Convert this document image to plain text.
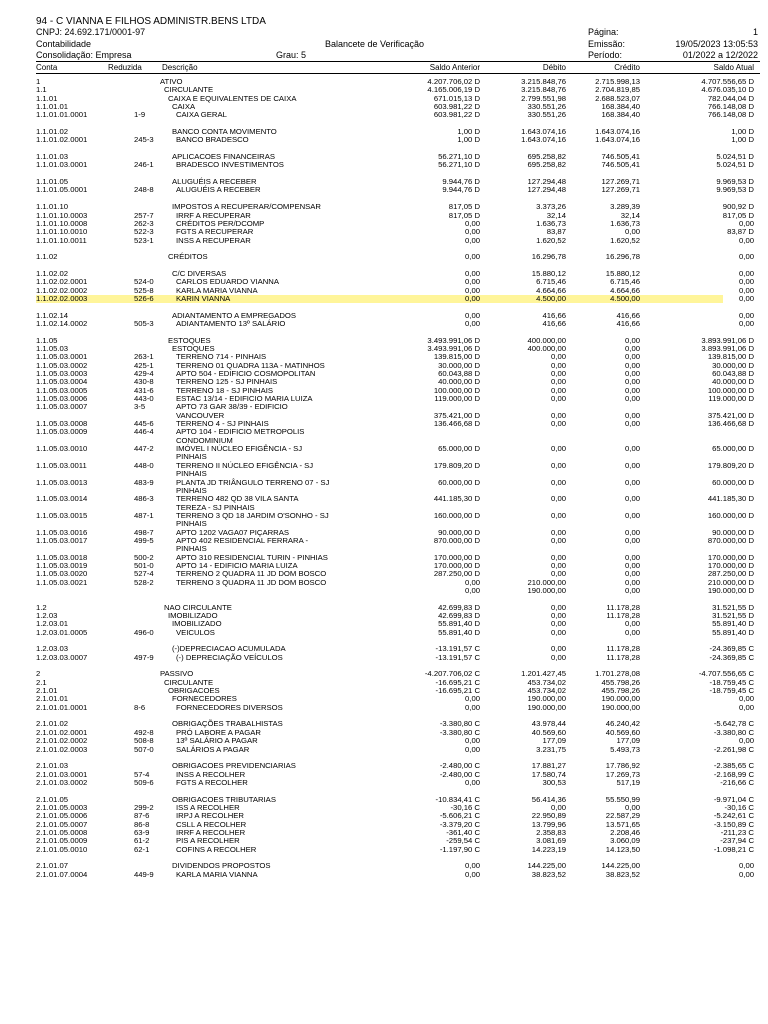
94 - C VIANNA E FILHOS ADMINISTR.BENS LTDA
CNPJ: 24.692.171/0001-97
Contabilidade
Consolidação: Empresa
Balancete de Verificação
Grau: 5
Página:	1
Emissão:	19/05/2023 13:05:53
Período:	01/2022 a 12/2022
Conta	Reduzida	Descrição	Saldo Anterior	Débito	Crédito	Saldo Atual
1	ATIVO	4.207.706,02 D	3.215.848,76	2.715.998,13	4.707.556,65 D
1.1	CIRCULANTE	4.165.006,19 D	3.215.848,76	2.704.819,85	4.676.035,10 D
1.1.01	CAIXA E EQUIVALENTES DE CAIXA	671.015,13 D	2.799.551,98	2.688.523,07	782.044,04 D
1.1.01.01	CAIXA	603.981,22 D	330.551,26	168.384,40	766.148,08 D
1.1.01.01.0001	1-9	CAIXA GERAL	603.981,22 D	330.551,26	168.384,40	766.148,08 D
1.1.01.02	BANCO CONTA MOVIMENTO	1,00 D	1.643.074,16	1.643.074,16	1,00 D
1.1.01.02.0001	245-3	BANCO BRADESCO	1,00 D	1.643.074,16	1.643.074,16	1,00 D
1.1.01.03	APLICACOES FINANCEIRAS	56.271,10 D	695.258,82	746.505,41	5.024,51 D
1.1.01.03.0001	246-1	BRADESCO INVESTIMENTOS	56.271,10 D	695.258,82	746.505,41	5.024,51 D
1.1.01.05	ALUGUÉIS A RECEBER	9.944,76 D	127.294,48	127.269,71	9.969,53 D
1.1.01.05.0001	248-8	ALUGUÉIS A RECEBER	9.944,76 D	127.294,48	127.269,71	9.969,53 D
1.1.01.10	IMPOSTOS A RECUPERAR/COMPENSAR	817,05 D	3.373,26	3.289,39	900,92 D
1.1.01.10.0003	257-7	IRRF A RECUPERAR	817,05 D	32,14	32,14	817,05 D
1.1.01.10.0008	262-3	CRÉDITOS PER/DCOMP	0,00	1.636,73	1.636,73	0,00
1.1.01.10.0010	522-3	FGTS A RECUPERAR	0,00	83,87	0,00	83,87 D
1.1.01.10.0011	523-1	INSS A RECUPERAR	0,00	1.620,52	1.620,52	0,00
1.1.02	CRÉDITOS	0,00	16.296,78	16.296,78	0,00
1.1.02.02	C/C DIVERSAS	0,00	15.880,12	15.880,12	0,00
1.1.02.02.0001	524-0	CARLOS EDUARDO VIANNA	0,00	6.715,46	6.715,46	0,00
1.1.02.02.0002	525-8	KARLA MARIA VIANNA	0,00	4.664,66	4.664,66	0,00
1.1.02.02.0003	526-6	KARIN VIANNA	0,00	4.500,00	4.500,00	0,00
1.1.02.14	ADIANTAMENTO A EMPREGADOS	0,00	416,66	416,66	0,00
1.1.02.14.0002	505-3	ADIANTAMENTO 13º SALÁRIO	0,00	416,66	416,66	0,00
1.1.05	ESTOQUES	3.493.991,06 D	400.000,00	0,00	3.893.991,06 D
1.1.05.03	ESTOQUES	3.493.991,06 D	400.000,00	0,00	3.893.991,06 D
1.1.05.03.0001	263-1	TERRENO 714 - PINHAIS	139.815,00 D	0,00	0,00	139.815,00 D
1.1.05.03.0002	425-1	TERRENO 01 QUADRA 113A - MATINHOS	30.000,00 D	0,00	0,00	30.000,00 D
1.1.05.03.0003	429-4	APTO 504 - EDIFICIO COSMOPOLITAN	60.043,88 D	0,00	0,00	60.043,88 D
1.1.05.03.0004	430-8	TERRENO 125 - SJ PINHAIS	40.000,00 D	0,00	0,00	40.000,00 D
1.1.05.03.0005	431-6	TERRENO 18 - SJ PINHAIS	100.000,00 D	0,00	0,00	100.000,00 D
1.1.05.03.0006	443-0	ESTAC 13/14 - EDIFICIO MARIA LUIZA	119.000,00 D	0,00	0,00	119.000,00 D
1.1.05.03.0007	3-5	APTO 73 GAR 38/39 - EDIFICIO
VANCOUVER	375.421,00 D	0,00	0,00	375.421,00 D
1.1.05.03.0008	445-6	TERRENO 4 - SJ PINHAIS	136.466,68 D	0,00	0,00	136.466,68 D
1.1.05.03.0009	446-4	APTO 104 - EDIFICIO METROPOLIS
CONDOMINIUM
1.1.05.03.0010	447-2	IMÓVEL I NÚCLEO EFIGÊNCIA - SJ	65.000,00 D	0,00	0,00	65.000,00 D
PINHAIS
1.1.05.03.0011	448-0	TERRENO II NÚCLEO EFIGÊNCIA - SJ	179.809,20 D	0,00	0,00	179.809,20 D
PINHAIS
1.1.05.03.0013	483-9	PLANTA JD TRIÂNGULO TERRENO 07 - SJ	60.000,00 D	0,00	0,00	60.000,00 D
PINHAIS
1.1.05.03.0014	486-3	TERRENO 482 QD 38 VILA SANTA	441.185,30 D	0,00	0,00	441.185,30 D
TEREZA - SJ PINHAIS
1.1.05.03.0015	487-1	TERRENO 3 QD 18 JARDIM O'SONHO - SJ	160.000,00 D	0,00	0,00	160.000,00 D
PINHAIS
1.1.05.03.0016	498-7	APTO 1202 VAGA07 PIÇARRAS	90.000,00 D	0,00	0,00	90.000,00 D
1.1.05.03.0017	499-5	APTO 402 RESIDENCIAL FERRARA -	870.000,00 D	0,00	0,00	870.000,00 D
PINHAIS
1.1.05.03.0018	500-2	APTO 310 RESIDENCIAL TURIN - PINHIAS	170.000,00 D	0,00	0,00	170.000,00 D
1.1.05.03.0019	501-0	APTO 14 - EDIFICIO MARIA LUIZA	170.000,00 D	0,00	0,00	170.000,00 D
1.1.05.03.0020	527-4	TERRENO 2 QUADRA 11 JD DOM BOSCO	287.250,00 D	0,00	0,00	287.250,00 D
1.1.05.03.0021	528-2	TERRENO 3 QUADRA 11 JD DOM BOSCO	0,00	210.000,00	0,00	210.000,00 D
0,00	190.000,00	0,00	190.000,00 D
1.2	NAO CIRCULANTE	42.699,83 D	0,00	11.178,28	31.521,55 D
1.2.03	IMOBILIZADO	42.699,83 D	0,00	11.178,28	31.521,55 D
1.2.03.01	IMOBILIZADO	55.891,40 D	0,00	0,00	55.891,40 D
1.2.03.01.0005	496-0	VEICULOS	55.891,40 D	0,00	0,00	55.891,40 D
1.2.03.03	(-)DEPRECIACAO ACUMULADA	-13.191,57 C	0,00	11.178,28	-24.369,85 C
1.2.03.03.0007	497-9	(-) DEPRECIAÇÃO VEÍCULOS	-13.191,57 C	0,00	11.178,28	-24.369,85 C
2	PASSIVO	-4.207.706,02 C	1.201.427,45	1.701.278,08	-4.707.556,65 C
2.1	CIRCULANTE	-16.695,21 C	453.734,02	455.798,26	-18.759,45 C
2.1.01	OBRIGACOES	-16.695,21 C	453.734,02	455.798,26	-18.759,45 C
2.1.01.01	FORNECEDORES	0,00	190.000,00	190.000,00	0,00
2.1.01.01.0001	8-6	FORNECEDORES DIVERSOS	0,00	190.000,00	190.000,00	0,00
2.1.01.02	OBRIGAÇÕES TRABALHISTAS	-3.380,80 C	43.978,44	46.240,42	-5.642,78 C
2.1.01.02.0001	492-8	PRÓ LABORE A PAGAR	-3.380,80 C	40.569,60	40.569,60	-3.380,80 C
2.1.01.02.0002	508-8	13º SALÁRIO A PAGAR	0,00	177,09	177,09	0,00
2.1.01.02.0003	507-0	SALÁRIOS A PAGAR	0,00	3.231,75	5.493,73	-2.261,98 C
2.1.01.03	OBRIGACOES PREVIDENCIARIAS	-2.480,00 C	17.881,27	17.786,92	-2.385,65 C
2.1.01.03.0001	57-4	INSS A RECOLHER	-2.480,00 C	17.580,74	17.269,73	-2.168,99 C
2.1.01.03.0002	509-6	FGTS A RECOLHER	0,00	300,53	517,19	-216,66 C
2.1.01.05	OBRIGACOES TRIBUTARIAS	-10.834,41 C	56.414,36	55.550,99	-9.971,04 C
2.1.01.05.0003	299-2	ISS A RECOLHER	-30,16 C	0,00	0,00	-30,16 C
2.1.01.05.0006	87-6	IRPJ A RECOLHER	-5.606,21 C	22.950,89	22.587,29	-5.242,61 C
2.1.01.05.0007	86-8	CSLL A RECOLHER	-3.379,20 C	13.799,96	13.571,65	-3.150,89 C
2.1.01.05.0008	63-9	IRRF A RECOLHER	-361,40 C	2.358,83	2.208,46	-211,23 C
2.1.01.05.0009	61-2	PIS A RECOLHER	-259,54 C	3.081,69	3.060,09	-237,94 C
2.1.01.05.0010	62-1	COFINS A RECOLHER	-1.197,90 C	14.223,19	14.123,50	-1.098,21 C
2.1.01.07	DIVIDENDOS PROPOSTOS	0,00	144.225,00	144.225,00	0,00
2.1.01.07.0004	449-9	KARLA MARIA VIANNA	0,00	38.823,52	38.823,52	0,00
